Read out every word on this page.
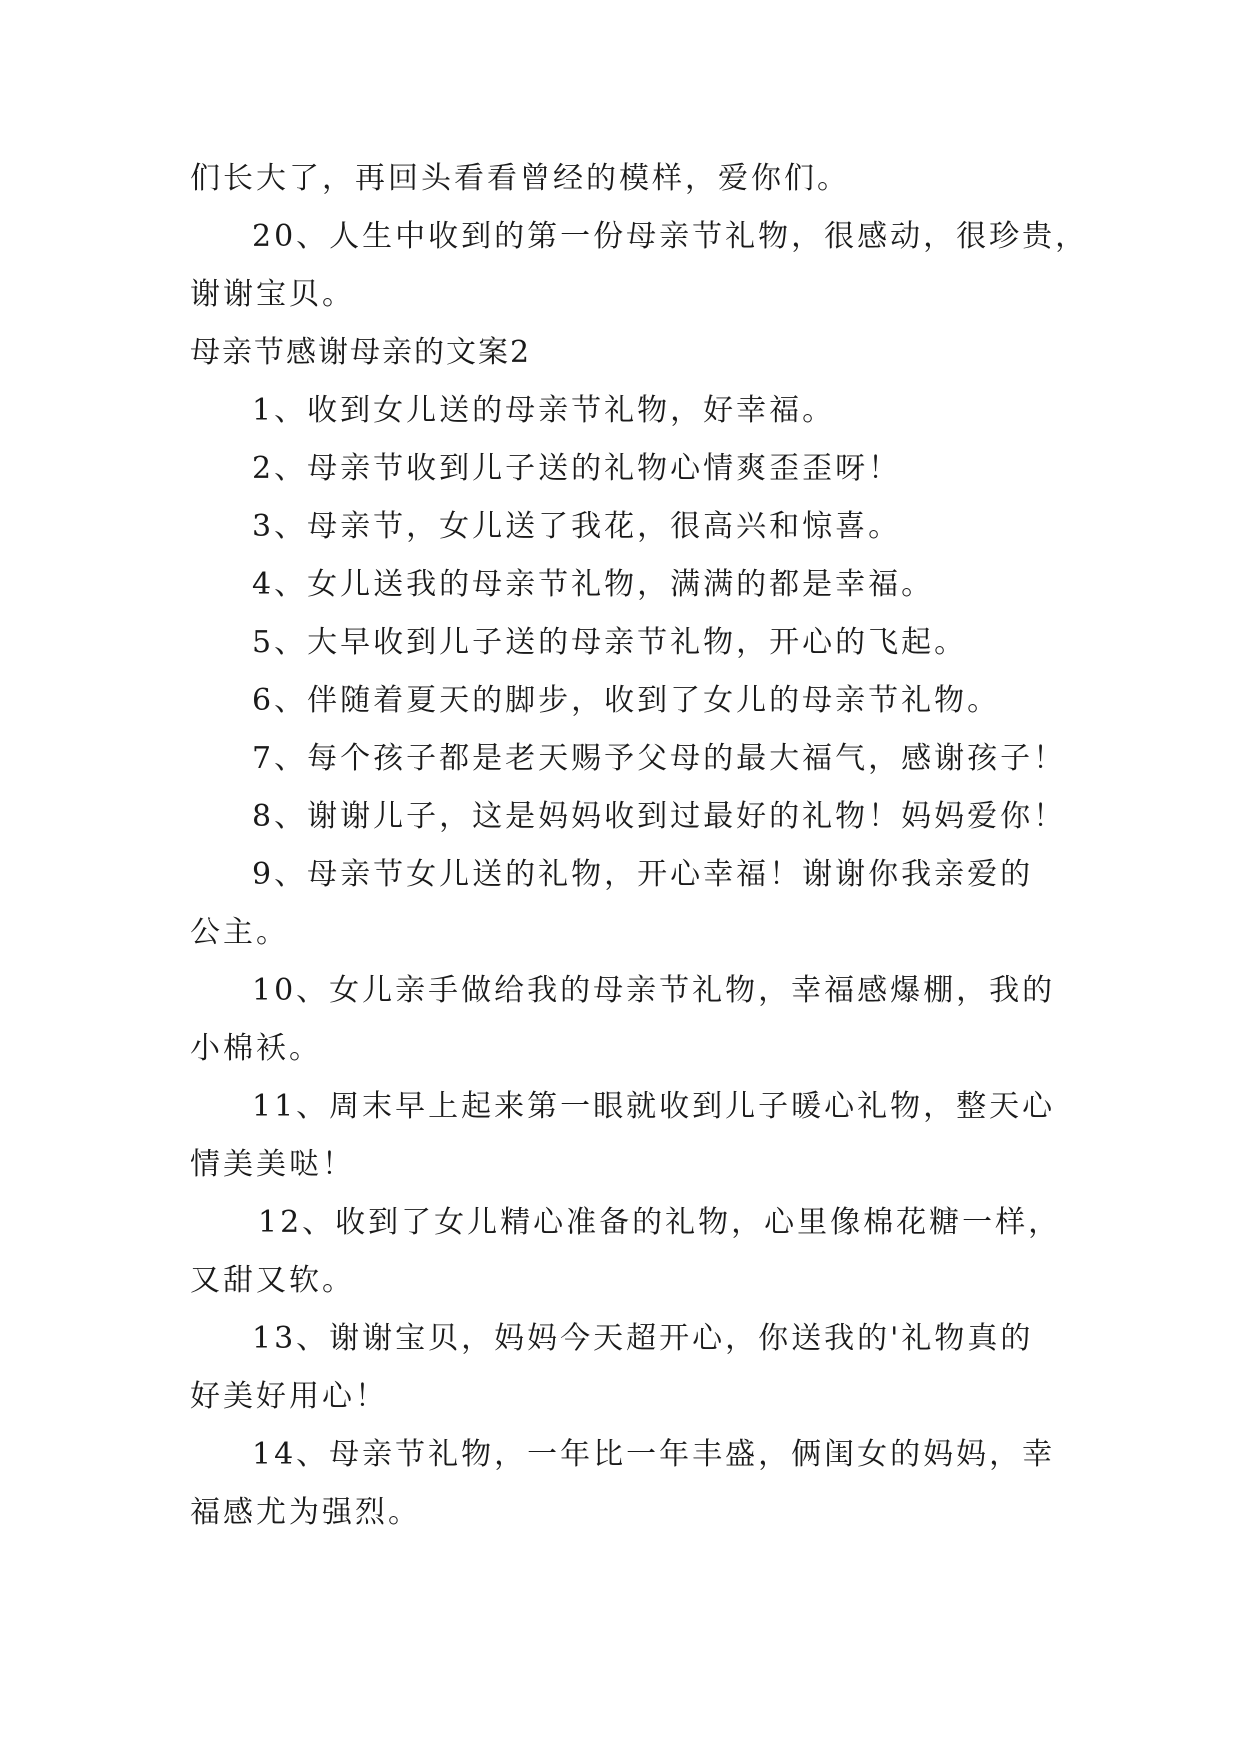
们长大了，再回头看看曾经的模样，爱你们。

20、人生中收到的第一份母亲节礼物，很感动，很珍贵，

谢谢宝贝。

母亲节感谢母亲的文案2

1、收到女儿送的母亲节礼物，好幸福。

2、母亲节收到儿子送的礼物心情爽歪歪呀！

3、母亲节，女儿送了我花，很高兴和惊喜。

4、女儿送我的母亲节礼物，满满的都是幸福。

5、大早收到儿子送的母亲节礼物，开心的飞起。

6、伴随着夏天的脚步，收到了女儿的母亲节礼物。

7、每个孩子都是老天赐予父母的最大福气，感谢孩子！

8、谢谢儿子，这是妈妈收到过最好的礼物！妈妈爱你！

9、母亲节女儿送的礼物，开心幸福！谢谢你我亲爱的

公主。

10、女儿亲手做给我的母亲节礼物，幸福感爆棚，我的

小棉袄。

11、周末早上起来第一眼就收到儿子暖心礼物，整天心

情美美哒！

12、收到了女儿精心准备的礼物，心里像棉花糖一样，

又甜又软。

13、谢谢宝贝，妈妈今天超开心，你送我的'礼物真的

好美好用心！

14、母亲节礼物，一年比一年丰盛，俩闺女的妈妈，幸

福感尤为强烈。
